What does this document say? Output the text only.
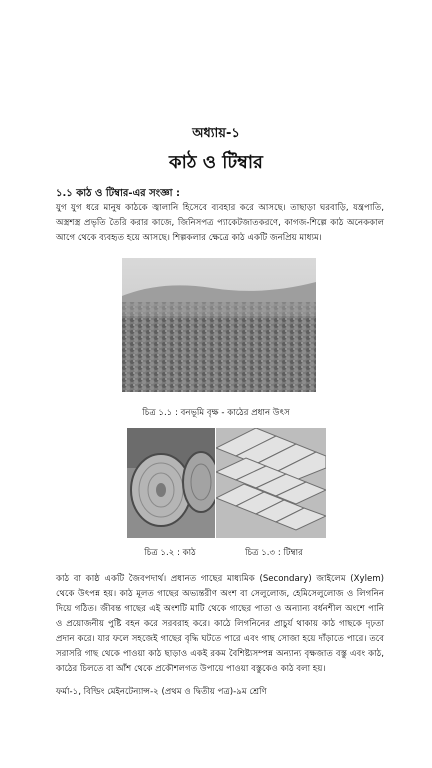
অধ্যায়-১
কাঠ ও টিম্বার
১.১ কাঠ ও টিম্বার-এর সংজ্ঞা :
যুগ যুগ ধরে মানুষ কাঠকে জ্বালানি হিসেবে ব্যবহার করে আসছে। তাছাড়া ঘরবাড়ি, যন্ত্রপাতি, অস্ত্রশস্ত্র প্রভৃতি তৈরি করার কাজে, জিনিসপত্র প্যাকেটজাতকরণে, কাগজ-শিল্পে কাঠ অনেককাল আগে থেকে ব্যবহৃত হয়ে আসছে। শিল্পকলার ক্ষেত্রে কাঠ একটি জনপ্রিয় মাধ্যম।
চিত্র ১.১ : বনভূমি বৃক্ষ - কাঠের প্রধান উৎস
চিত্র ১.২ : কাঠ	চিত্র ১.৩ : টিম্বার
কাঠ বা কাষ্ঠ একটি জৈবপদার্থ। প্রধানত গাছের মাধ্যমিক (Secondary) জাইলেম (Xylem) থেকে উৎপন্ন হয়। কাঠ মূলত গাছের অভ্যন্তরীণ অংশ বা সেলুলোজ, হেমিসেলুলোজ ও লিগনিন দিয়ে গঠিত। জীবন্ত গাছের এই অংশটি মাটি থেকে গাছের পাতা ও অন্যান্য বর্ধনশীল অংশে পানি ও প্রয়োজনীয় পুষ্টি বহন করে সরবরাহ করে। কাঠে লিগনিনের প্রাচুর্য থাকায় কাঠ গাছকে দৃঢ়তা প্রদান করে। যার ফলে সহজেই গাছের বৃদ্ধি ঘটতে পারে এবং গাছ সোজা হয়ে দাঁড়াতে পারে। তবে সরাসরি গাছ থেকে পাওয়া কাঠ ছাড়াও একই রকম বৈশিষ্ট্যসম্পন্ন অন্যান্য বৃক্ষজাত বস্তু এবং কাঠ, কাঠের চিলতে বা আঁশ থেকে প্রকৌশলগত উপায়ে পাওয়া বস্তুকেও কাঠ বলা হয়।
ফর্মা-১, বিল্ডিং মেইনটেন্যান্স-২ (প্রথম ও দ্বিতীয় পত্র)-৯ম শ্রেণি
